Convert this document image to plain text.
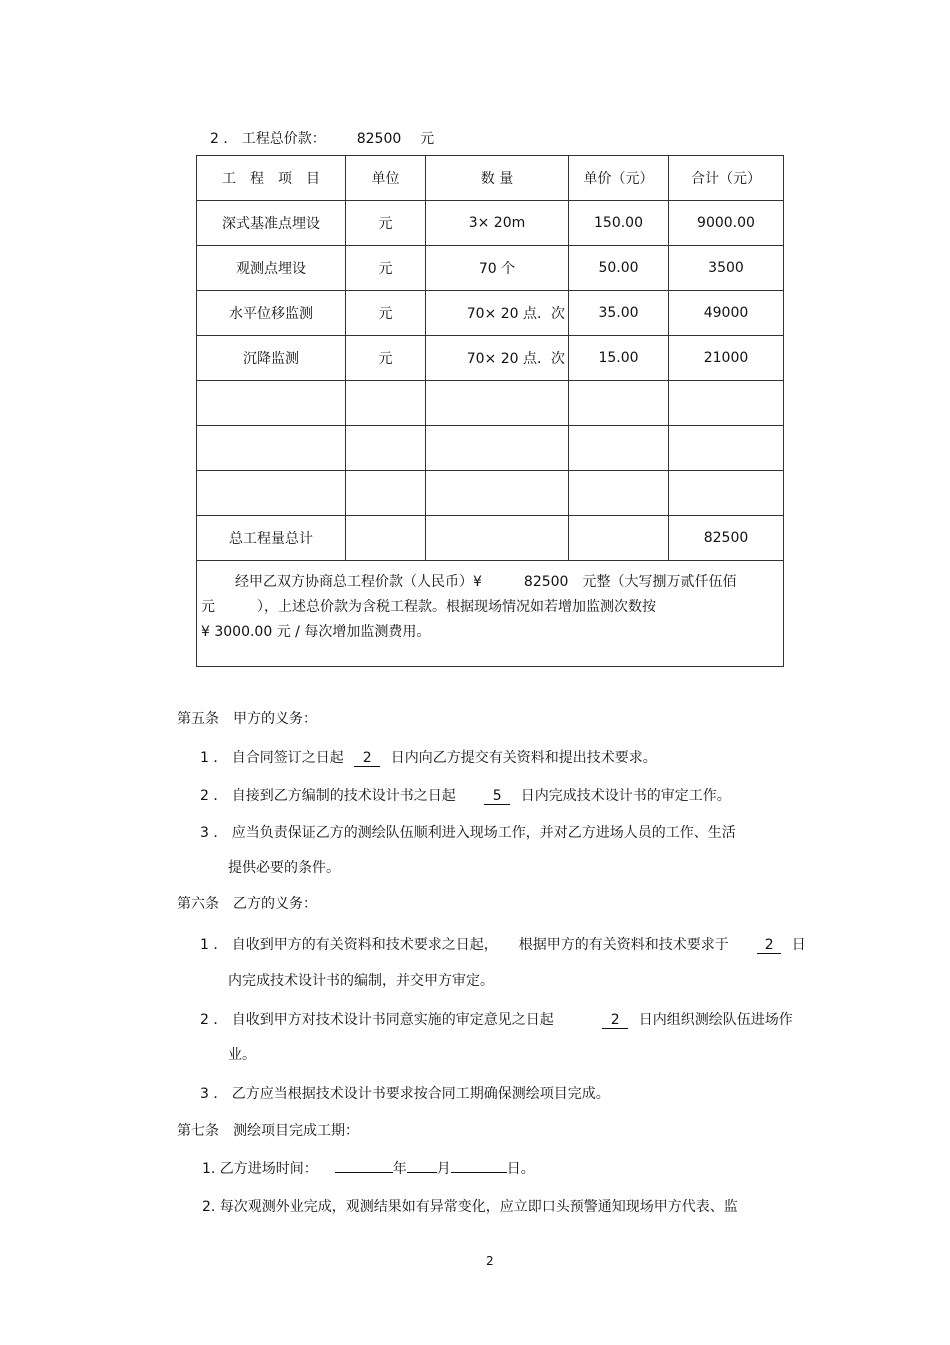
2 ． 工程总价款： 82500 元
工　程　项　目	单位	数 量	单价（元）	合计（元）
深式基准点埋设	元	3× 20m	150.00	9000.00
观测点埋设	元	70 个	50.00	3500
水平位移监测	元	70× 20 点．次	35.00	49000
沉降监测	元	70× 20 点．次	15.00	21000

总工程量总计				82500

经甲乙双方协商总工程价款（人民币）¥　　　82500　元整（大写捌万贰仟伍佰
元　　　），上述总价款为含税工程款。根据现场情况如若增加监测次数按
¥ 3000.00 元 / 每次增加监测费用。				
第五条　甲方的义务：
1 ． 自合同签订之日起 2 日内向乙方提交有关资料和提出技术要求。
2 ． 自接到乙方编制的技术设计书之日起	5 日内完成技术设计书的审定工作。
3 ． 应当负责保证乙方的测绘队伍顺利进入现场工作，并对乙方进场人员的工作、生活
提供必要的条件。
第六条　乙方的义务：
1 ． 自收到甲方的有关资料和技术要求之日起，　　根据甲方的有关资料和技术要求于	2 日
内完成技术设计书的编制，并交甲方审定。
2 ． 自收到甲方对技术设计书同意实施的审定意见之日起	2 日内组织测绘队伍进场作
业。
3 ． 乙方应当根据技术设计书要求按合同工期确保测绘项目完成。
第七条　测绘项目完成工期：
1. 乙方进场时间：	年 月	日。
2. 每次观测外业完成，观测结果如有异常变化，应立即口头预警通知现场甲方代表、监
2
